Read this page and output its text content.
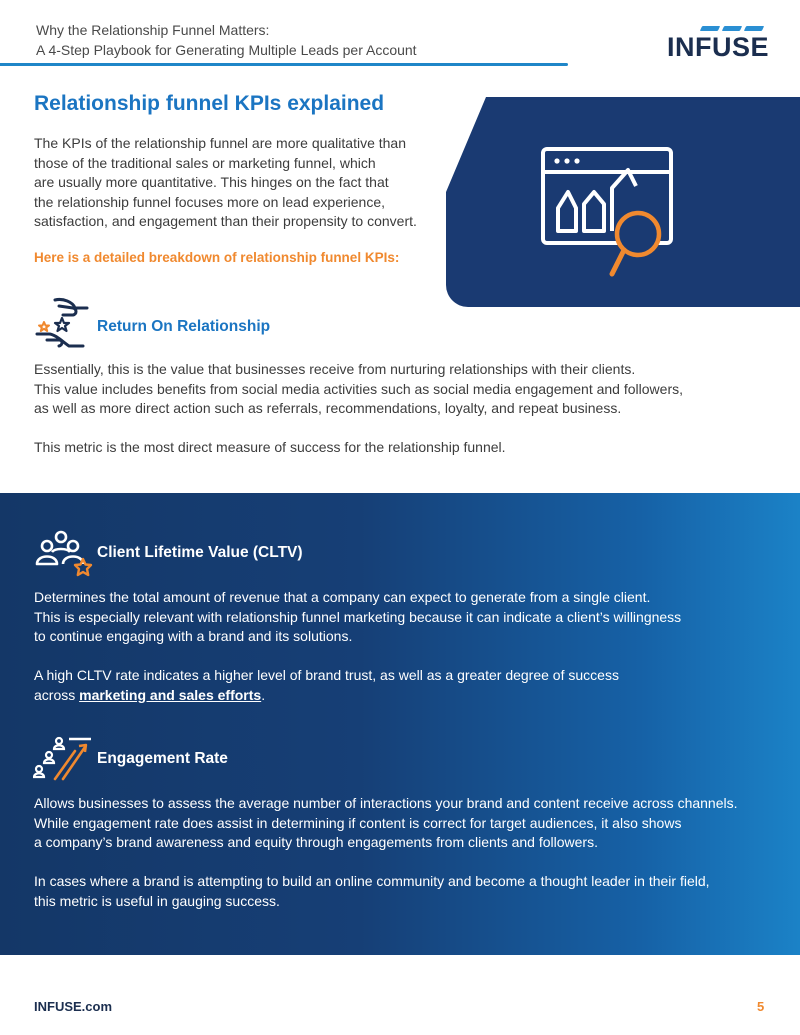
Why the Relationship Funnel Matters:
A 4-Step Playbook for Generating Multiple Leads per Account	INFUSE
Relationship funnel KPIs explained
The KPIs of the relationship funnel are more qualitative than
those of the traditional sales or marketing funnel, which
are usually more quantitative. This hinges on the fact that
the relationship funnel focuses more on lead experience,
satisfaction, and engagement than their propensity to convert.
Here is a detailed breakdown of relationship funnel KPIs:
Return On Relationship

Essentially, this is the value that businesses receive from nurturing relationships with their clients.

This value includes benefits from social media activities such as social media engagement and followers,

as well as more direct action such as referrals, recommendations, loyalty, and repeat business.

This metric is the most direct measure of success for the relationship funnel.

Client Lifetime Value (CLTV)

Determines the total amount of revenue that a company can expect to generate from a single client.

This is especially relevant with relationship funnel marketing because it can indicate a client’s willingness

to continue engaging with a brand and its solutions.

A high CLTV rate indicates a higher level of brand trust, as well as a greater degree of success

across marketing and sales efforts.

Engagement Rate

Allows businesses to assess the average number of interactions your brand and content receive across channels.

While engagement rate does assist in determining if content is correct for target audiences, it also shows

a company’s brand awareness and equity through engagements from clients and followers.

In cases where a brand is attempting to build an online community and become a thought leader in their field,

this metric is useful in gauging success.

INFUSE.com	5
